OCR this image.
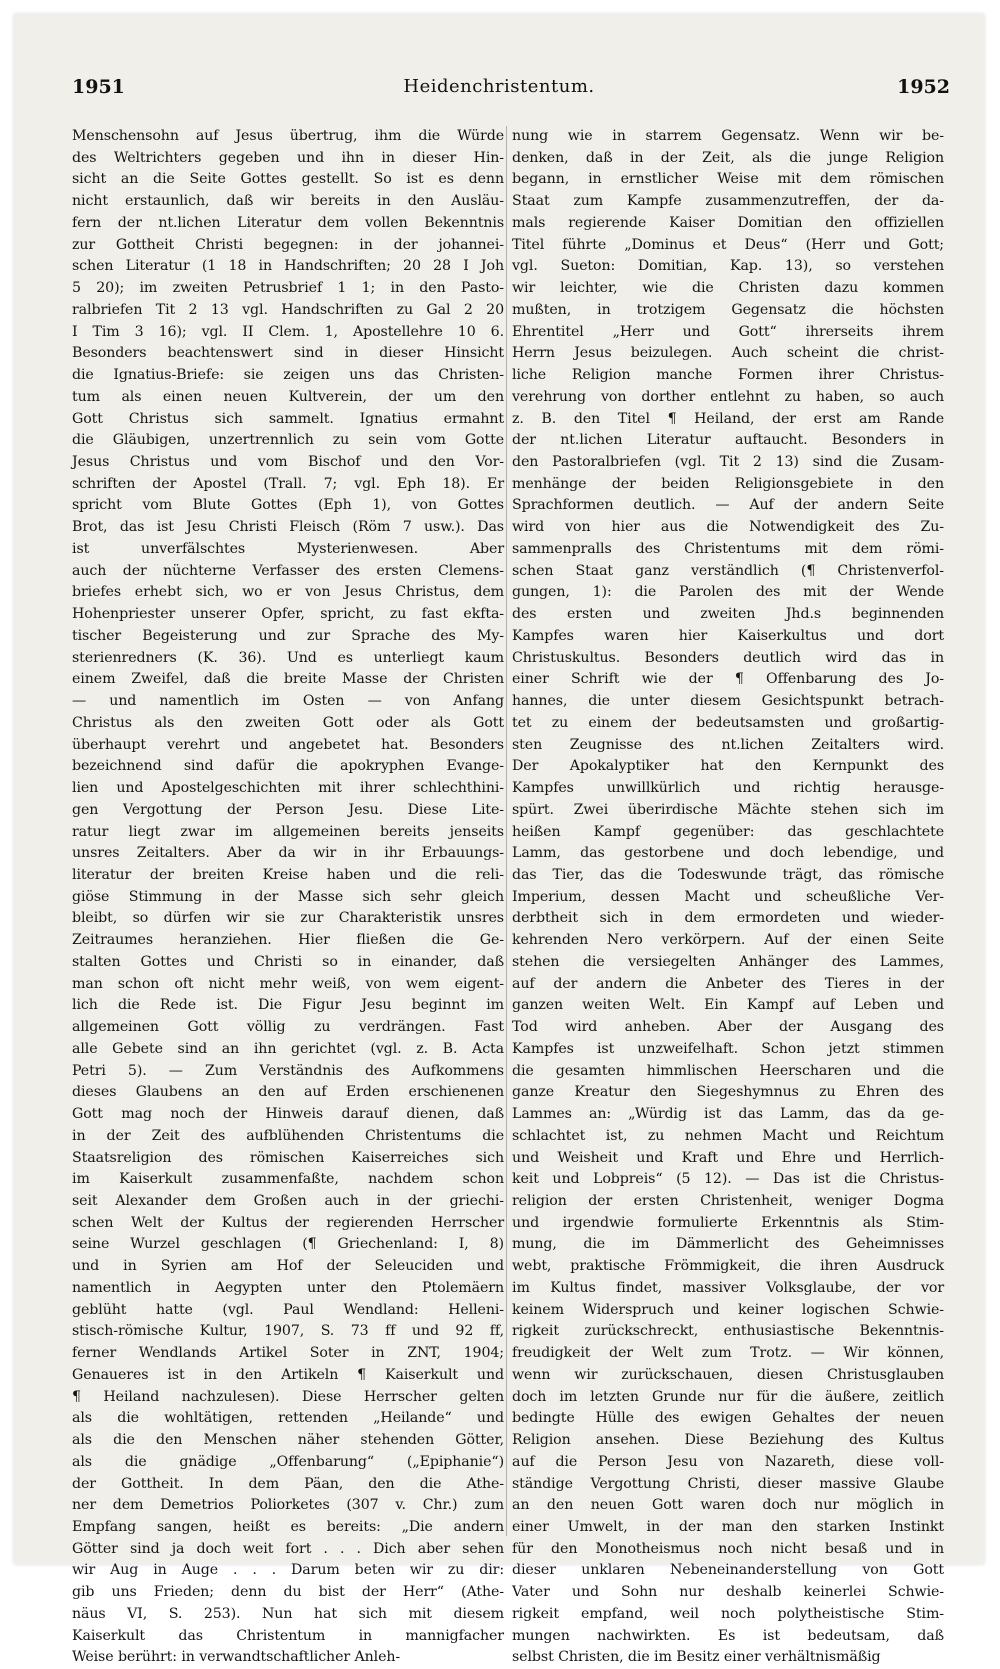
1951	Heidenchristentum.	1952

Menschensohn auf Jesus übertrug, ihm die Würde

des Weltrichters gegeben und ihn in dieser Hin-

sicht an die Seite Gottes gestellt. So ist es denn

nicht erstaunlich, daß wir bereits in den Ausläu-

fern der nt.lichen Literatur dem vollen Bekenntnis

zur Gottheit Christi begegnen: in der johannei-

schen Literatur (1 18 in Handschriften; 20 28 I Joh

5 20); im zweiten Petrusbrief 1 1; in den Pasto-

ralbriefen Tit 2 13 vgl. Handschriften zu Gal 2 20

I Tim 3 16); vgl. II Clem. 1, Apostellehre 10 6.

Besonders beachtenswert sind in dieser Hinsicht

die Ignatius-Briefe: sie zeigen uns das Christen-

tum als einen neuen Kultverein, der um den

Gott Christus sich sammelt. Ignatius ermahnt

die Gläubigen, unzertrennlich zu sein vom Gotte

Jesus Christus und vom Bischof und den Vor-

schriften der Apostel (Trall. 7; vgl. Eph 18). Er

spricht vom Blute Gottes (Eph 1), von Gottes

Brot, das ist Jesu Christi Fleisch (Röm 7 usw.). Das

ist unverfälschtes Mysterienwesen. Aber

auch der nüchterne Verfasser des ersten Clemens-

briefes erhebt sich, wo er von Jesus Christus, dem

Hohenpriester unserer Opfer, spricht, zu fast ekfta-

tischer Begeisterung und zur Sprache des My-

sterienredners (K. 36). Und es unterliegt kaum

einem Zweifel, daß die breite Masse der Christen

— und namentlich im Osten — von Anfang

Christus als den zweiten Gott oder als Gott

überhaupt verehrt und angebetet hat. Besonders

bezeichnend sind dafür die apokryphen Evange-

lien und Apostelgeschichten mit ihrer schlechthini-

gen Vergottung der Person Jesu. Diese Lite-

ratur liegt zwar im allgemeinen bereits jenseits

unsres Zeitalters. Aber da wir in ihr Erbauungs-

literatur der breiten Kreise haben und die reli-

giöse Stimmung in der Masse sich sehr gleich

bleibt, so dürfen wir sie zur Charakteristik unsres

Zeitraumes heranziehen. Hier fließen die Ge-

stalten Gottes und Christi so in einander, daß

man schon oft nicht mehr weiß, von wem eigent-

lich die Rede ist. Die Figur Jesu beginnt im

allgemeinen Gott völlig zu verdrängen. Fast

alle Gebete sind an ihn gerichtet (vgl. z. B. Acta

Petri 5). — Zum Verständnis des Aufkommens

dieses Glaubens an den auf Erden erschienenen

Gott mag noch der Hinweis darauf dienen, daß

in der Zeit des aufblühenden Christentums die

Staatsreligion des römischen Kaiserreiches sich

im Kaiserkult zusammenfaßte, nachdem schon

seit Alexander dem Großen auch in der griechi-

schen Welt der Kultus der regierenden Herrscher

seine Wurzel geschlagen (¶ Griechenland: I, 8)

und in Syrien am Hof der Seleuciden und

namentlich in Aegypten unter den Ptolemäern

geblüht hatte (vgl. Paul Wendland: Helleni-

stisch-römische Kultur, 1907, S. 73 ff und 92 ff,

ferner Wendlands Artikel Soter in ZNT, 1904;

Genaueres ist in den Artikeln ¶ Kaiserkult und

¶ Heiland nachzulesen). Diese Herrscher gelten

als die wohltätigen, rettenden „Heilande“ und

als die den Menschen näher stehenden Götter,

als die gnädige „Offenbarung“ („Epiphanie“)

der Gottheit. In dem Päan, den die Athe-

ner dem Demetrios Poliorketes (307 v. Chr.) zum

Empfang sangen, heißt es bereits: „Die andern

Götter sind ja doch weit fort . . . Dich aber sehen

wir Aug in Auge . . . Darum beten wir zu dir:

gib uns Frieden; denn du bist der Herr“ (Athe-

näus VI, S. 253). Nun hat sich mit diesem

Kaiserkult das Christentum in mannigfacher

Weise berührt: in verwandtschaftlicher Anleh-

nung wie in starrem Gegensatz. Wenn wir be-

denken, daß in der Zeit, als die junge Religion

begann, in ernstlicher Weise mit dem römischen

Staat zum Kampfe zusammenzutreffen, der da-

mals regierende Kaiser Domitian den offiziellen

Titel führte „Dominus et Deus“ (Herr und Gott;

vgl. Sueton: Domitian, Kap. 13), so verstehen

wir leichter, wie die Christen dazu kommen

mußten, in trotzigem Gegensatz die höchsten

Ehrentitel „Herr und Gott“ ihrerseits ihrem

Herrn Jesus beizulegen. Auch scheint die christ-

liche Religion manche Formen ihrer Christus-

verehrung von dorther entlehnt zu haben, so auch

z. B. den Titel ¶ Heiland, der erst am Rande

der nt.lichen Literatur auftaucht. Besonders in

den Pastoralbriefen (vgl. Tit 2 13) sind die Zusam-

menhänge der beiden Religionsgebiete in den

Sprachformen deutlich. — Auf der andern Seite

wird von hier aus die Notwendigkeit des Zu-

sammenpralls des Christentums mit dem römi-

schen Staat ganz verständlich (¶ Christenverfol-

gungen, 1): die Parolen des mit der Wende

des ersten und zweiten Jhd.s beginnenden

Kampfes waren hier Kaiserkultus und dort

Christuskultus. Besonders deutlich wird das in

einer Schrift wie der ¶ Offenbarung des Jo-

hannes, die unter diesem Gesichtspunkt betrach-

tet zu einem der bedeutsamsten und großartig-

sten Zeugnisse des nt.lichen Zeitalters wird.

Der Apokalyptiker hat den Kernpunkt des

Kampfes unwillkürlich und richtig herausge-

spürt. Zwei überirdische Mächte stehen sich im

heißen Kampf gegenüber: das geschlachtete

Lamm, das gestorbene und doch lebendige, und

das Tier, das die Todeswunde trägt, das römische

Imperium, dessen Macht und scheußliche Ver-

derbtheit sich in dem ermordeten und wieder-

kehrenden Nero verkörpern. Auf der einen Seite

stehen die versiegelten Anhänger des Lammes,

auf der andern die Anbeter des Tieres in der

ganzen weiten Welt. Ein Kampf auf Leben und

Tod wird anheben. Aber der Ausgang des

Kampfes ist unzweifelhaft. Schon jetzt stimmen

die gesamten himmlischen Heerscharen und die

ganze Kreatur den Siegeshymnus zu Ehren des

Lammes an: „Würdig ist das Lamm, das da ge-

schlachtet ist, zu nehmen Macht und Reichtum

und Weisheit und Kraft und Ehre und Herrlich-

keit und Lobpreis“ (5 12). — Das ist die Christus-

religion der ersten Christenheit, weniger Dogma

und irgendwie formulierte Erkenntnis als Stim-

mung, die im Dämmerlicht des Geheimnisses

webt, praktische Frömmigkeit, die ihren Ausdruck

im Kultus findet, massiver Volksglaube, der vor

keinem Widerspruch und keiner logischen Schwie-

rigkeit zurückschreckt, enthusiastische Bekenntnis-

freudigkeit der Welt zum Trotz. — Wir können,

wenn wir zurückschauen, diesen Christusglauben

doch im letzten Grunde nur für die äußere, zeitlich

bedingte Hülle des ewigen Gehaltes der neuen

Religion ansehen. Diese Beziehung des Kultus

auf die Person Jesu von Nazareth, diese voll-

ständige Vergottung Christi, dieser massive Glaube

an den neuen Gott waren doch nur möglich in

einer Umwelt, in der man den starken Instinkt

für den Monotheismus noch nicht besaß und in

dieser unklaren Nebeneinanderstellung von Gott

Vater und Sohn nur deshalb keinerlei Schwie-

rigkeit empfand, weil noch polytheistische Stim-

mungen nachwirkten. Es ist bedeutsam, daß

selbst Christen, die im Besitz einer verhältnismäßig
